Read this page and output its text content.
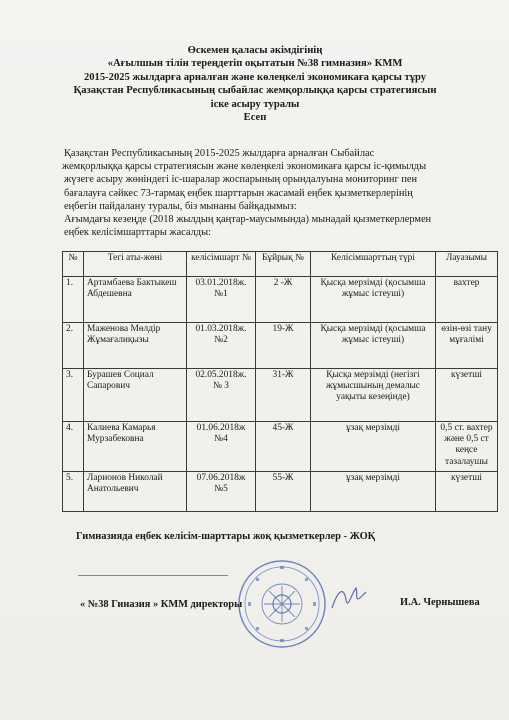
Өскемен қаласы әкімдігінің
«Ағылшын тілін тереңдетіп оқытатын №38 гимназия» КММ
2015-2025 жылдарға арналған және көлеңкелі экономикаға қарсы тұру
Қазақстан Республикасының сыбайлас жемқорлыққа қарсы стратегиясын
іске асыру туралы
Есеп

Қазақстан Республикасының 2015-2025 жылдарға арналған Сыбайлас

жемқорлыққа қарсы стратегиясын және көлеңкелі экономикаға қарсы іс-қимылды

жүзеге асыру жөніндегі іс-шаралар жоспарының орындалуына мониторинг пен

бағалауға сәйкес 73-тармақ еңбек шарттарын жасамай еңбек қызметкерлерінің

еңбегін пайдалану туралы, біз мынаны байқадымыз:

Ағымдағы кезеңде (2018 жылдың қаңтар-маусымында) мынадай қызметкерлермен

еңбек келісімшарттары жасалды:

№	Тегі аты-жөні	келісімшарт №	Бұйрық №	Келісімшарттың түрі	Лауазымы
1.	Артамбаева Бактыкеш Абдешевна	03.01.2018ж. №1	2 -Ж	Қысқа мерзімді (қосымша жұмыс істеуші)	вахтер
2.	Маженова Мөлдір Жұмағалиқызы	01.03.2018ж. №2	19-Ж	Қысқа мерзімді (қосымша жұмыс істеуші)	өзін-өзі тану мұғалімі
3.	Бурашев Социал Сапарович	02.05.2018ж. № 3	31-Ж	Қысқа мерзімді (негізгі жұмысшының демалыс уақыты кезеңінде)	күзетші
4.	Калиева Камарья Мурзабековна	01.06.2018ж №4	45-Ж	ұзақ мерзімді	0,5 ст. вахтер және 0,5 ст кеңсе тазалаушы
5.	Ларионов Николай Анатольевич	07.06.2018ж №5	55-Ж	ұзақ мерзімді	күзетші
Гимназияда еңбек келісім-шарттары жоқ қызметкерлер - ЖОҚ
« №38 Гиназия » КММ директоры	И.А. Чернышева
